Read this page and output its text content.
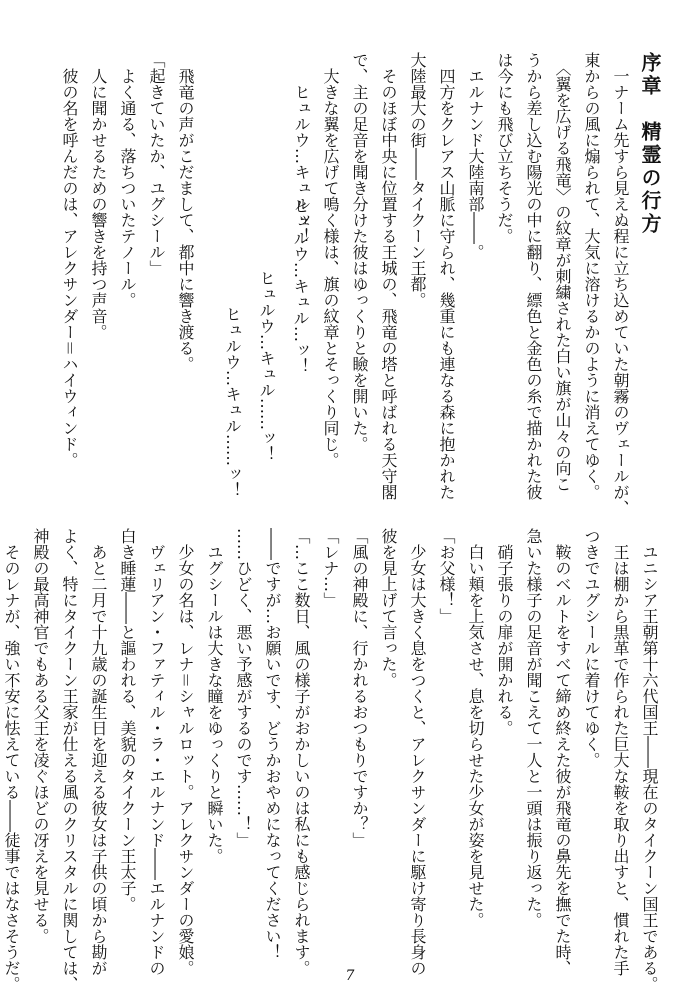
序章　精霊の行方

　一ナーム先すら見えぬ程に立ち込めていた朝霧のヴェールが、

東からの風に煽られて、大気に溶けるかのように消えてゆく。

　〈翼を広げる飛竜〉の紋章が刺繍された白い旗が山々の向こ

うから差し込む陽光の中に翻り、縹色と金色の糸で描かれた彼

は今にも飛び立ちそうだ。

　エルナンド大陸南部――。

　四方をクレアス山脈に守られ、幾重にも連なる森に抱かれた

大陸最大の街――タイクーン王都。

　そのほぼ中央に位置する王城の、飛竜の塔と呼ばれる天守閣

で、主の足音を聞き分けた彼はゆっくりと瞼を開いた。

　大きな翼を広げて鳴く様は、旗の紋章とそっくり同じ。

　　ヒュルウ…キュルッ！

　飛竜の声がこだまして、都中に響き渡る。

「起きていたか、ユグシール」

　よく通る、落ちついたテノール。

　人に聞かせるための響きを持つ声音。

　彼の名を呼んだのは、アレクサンダー＝ハイウィンド。	ヒュルウ…キュル…ッ！
ヒュルウ…キュル……ッ！
ヒュルウ…キュル……ッ！

　ユニシア王朝第十六代国王――現在のタイクーン国王である。

　王は棚から黒革で作られた巨大な鞍を取り出すと、慣れた手

つきでユグシールに着けてゆく。

　鞍のベルトをすべて締め終えた彼が飛竜の鼻先を撫でた時、

急いた様子の足音が聞こえて一人と一頭は振り返った。

　硝子張りの扉が開かれる。

　白い頬を上気させ、息を切らせた少女が姿を見せた。

「お父様！」

　少女は大きく息をつくと、アレクサンダーに駆け寄り長身の

彼を見上げて言った。

「風の神殿に、行かれるおつもりですか？」

「レナ…」

「…ここ数日、風の様子がおかしいのは私にも感じられます。

――ですが…お願いです、どうかおやめになってください！

……ひどく、悪い予感がするのです……！」

　ユグシールは大きな瞳をゆっくりと瞬いた。

　少女の名は、レナ＝シャルロット。アレクサンダーの愛娘。

　ヴェリアン・ファティル・ラ・エルナンド――エルナンドの

白き睡蓮――と謳われる、美貌のタイクーン王太子。

　あと二月で十九歳の誕生日を迎える彼女は子供の頃から勘が

よく、特にタイクーン王家が仕える風のクリスタルに関しては、

神殿の最高神官でもある父王を凌ぐほどの冴えを見せる。

　そのレナが、強い不安に怯えている――徒事ではなさそうだ。	7
